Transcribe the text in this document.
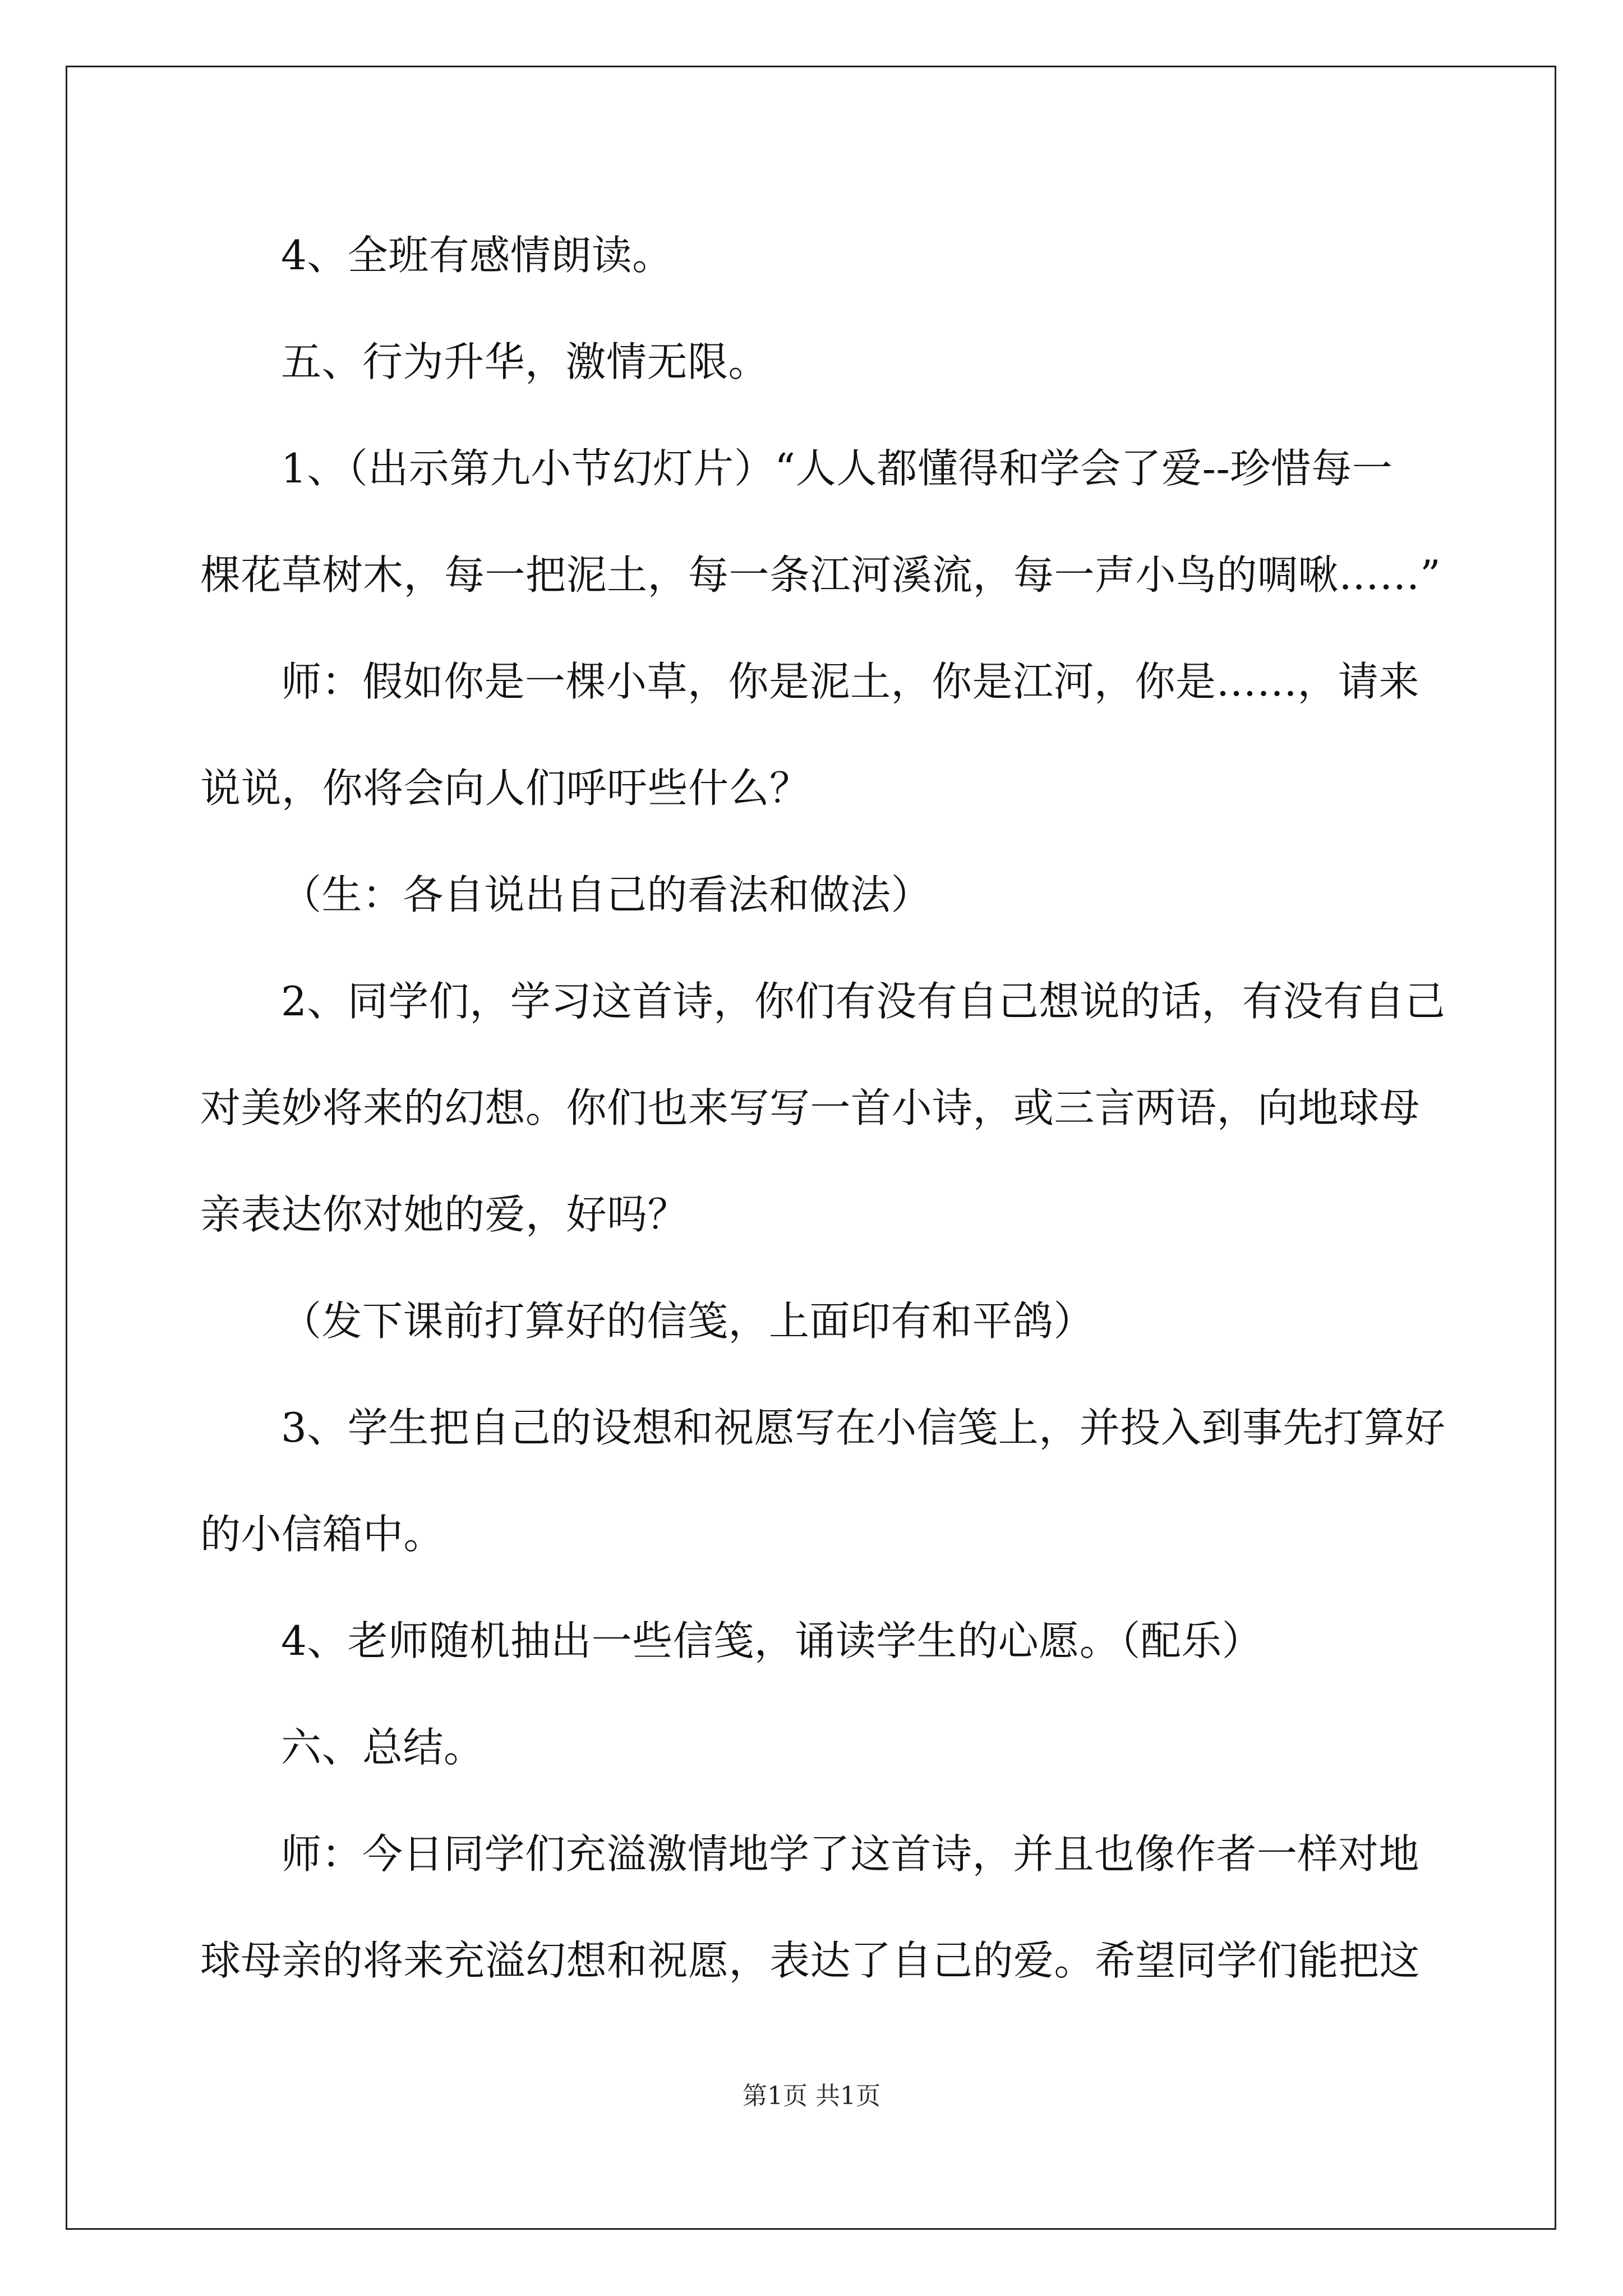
4、全班有感情朗读。
五、行为升华，激情无限。
1、（出示第九小节幻灯片）“人人都懂得和学会了爱--珍惜每一
棵花草树木，每一把泥土，每一条江河溪流，每一声小鸟的啁啾……”
师：假如你是一棵小草，你是泥土，你是江河，你是……，请来
说说，你将会向人们呼吁些什么？
（生：各自说出自己的看法和做法）
2、同学们，学习这首诗，你们有没有自己想说的话，有没有自己
对美妙将来的幻想。你们也来写写一首小诗，或三言两语，向地球母
亲表达你对她的爱，好吗？
（发下课前打算好的信笺，上面印有和平鸽）
3、学生把自己的设想和祝愿写在小信笺上，并投入到事先打算好
的小信箱中。
4、老师随机抽出一些信笺，诵读学生的心愿。（配乐）
六、总结。
师：今日同学们充溢激情地学了这首诗，并且也像作者一样对地
球母亲的将来充溢幻想和祝愿，表达了自己的爱。希望同学们能把这
第1页 共1页
